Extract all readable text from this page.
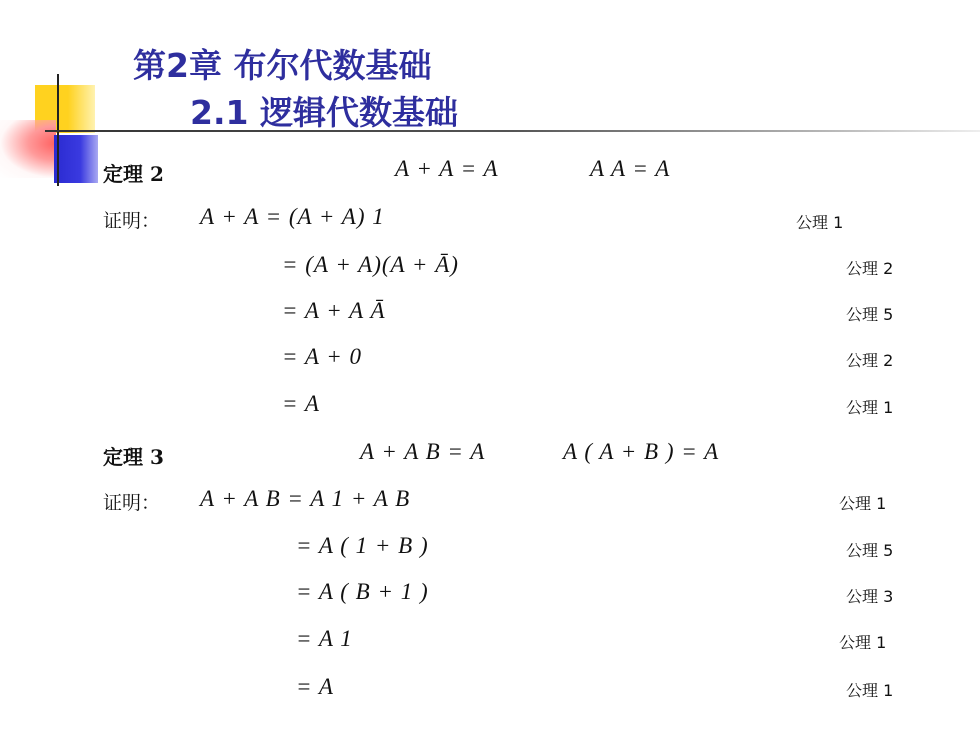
第2章 布尔代数基础
2.1 逻辑代数基础
定理 2	A + A = A	A A = A
证明： A + A = (A + A) 1	公理 1
= (A + A)(A + Ā)	公理 2
= A + A Ā	公理 5
= A + 0	公理 2
= A	公理 1
定理 3	A + A B = A	A ( A + B ) = A
证明： A + A B = A 1 + A B	公理 1
= A ( 1 + B )	公理 5
= A ( B + 1 )	公理 3
= A 1	公理 1
= A	公理 1
